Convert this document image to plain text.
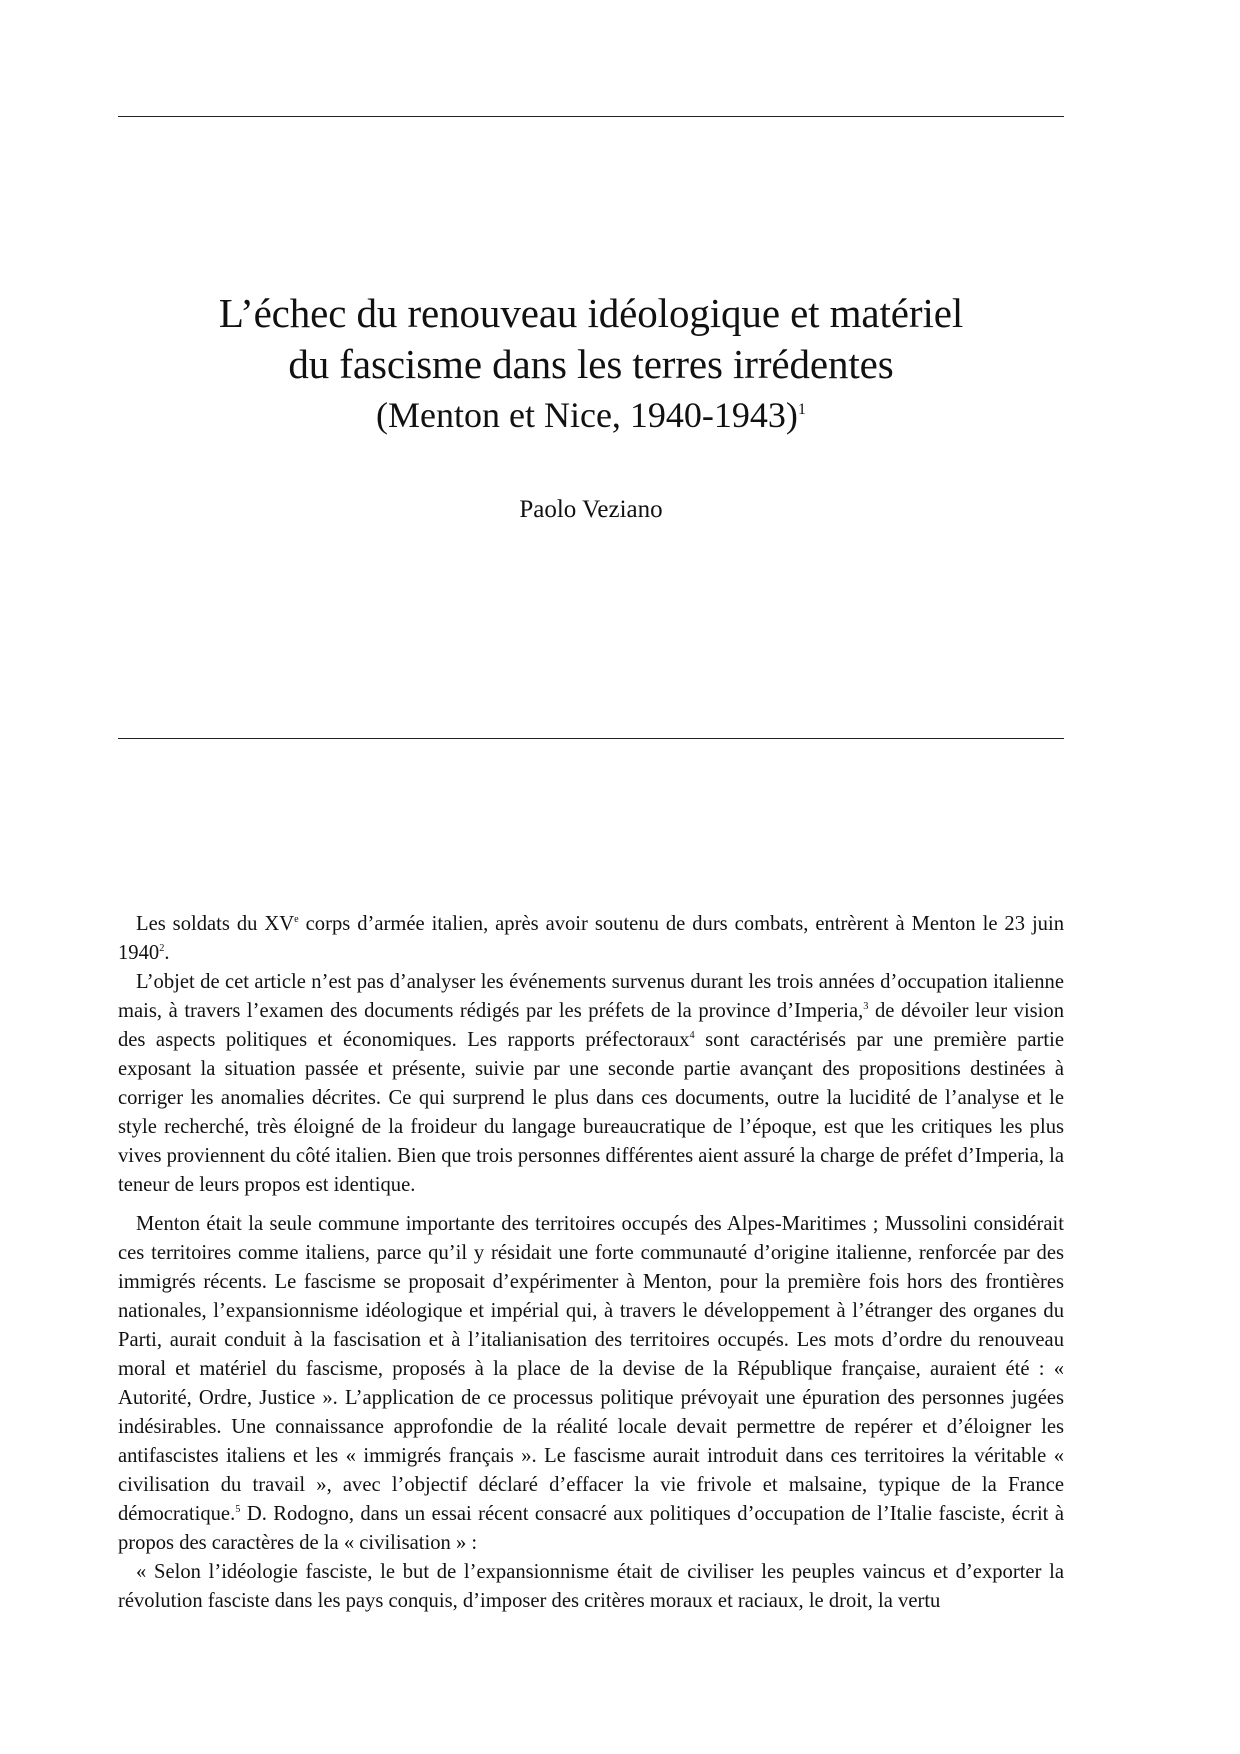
L’échec du renouveau idéologique et matériel
du fascisme dans les terres irrédentes
(Menton et Nice, 1940-1943)$^1$
Paolo Veziano

Les soldats du XVe corps d’armée italien, après avoir soutenu de durs combats, entrèrent à Menton le 23 juin 1940$^2$.

L’objet de cet article n’est pas d’analyser les événements survenus durant les trois années d’occupation italienne mais, à travers l’examen des documents rédigés par les préfets de la province d’Imperia,$^3$ de dévoiler leur vision des aspects politiques et économiques. Les rapports préfectoraux$^4$ sont caractérisés par une première partie exposant la situation passée et présente, suivie par une seconde partie avançant des propositions destinées à corriger les anomalies décrites. Ce qui surprend le plus dans ces documents, outre la lucidité de l’analyse et le style recherché, très éloigné de la froideur du langage bureaucratique de l’époque, est que les critiques les plus vives proviennent du côté italien. Bien que trois personnes différentes aient assuré la charge de préfet d’Imperia, la teneur de leurs propos est identique.

Menton était la seule commune importante des territoires occupés des Alpes-Maritimes ; Mussolini considérait ces territoires comme italiens, parce qu’il y résidait une forte communauté d’origine italienne, renforcée par des immigrés récents. Le fascisme se proposait d’expérimenter à Menton, pour la première fois hors des frontières nationales, l’expansionnisme idéologique et impérial qui, à travers le développement à l’étranger des organes du Parti, aurait conduit à la fascisation et à l’italianisation des territoires occupés. Les mots d’ordre du renouveau moral et matériel du fascisme, proposés à la place de la devise de la République française, auraient été : « Autorité, Ordre, Justice ». L’application de ce processus politique prévoyait une épuration des personnes jugées indésirables. Une connaissance approfondie de la réalité locale devait permettre de repérer et d’éloigner les antifascistes italiens et les « immigrés français ». Le fascisme aurait introduit dans ces territoires la véritable « civilisation du travail », avec l’objectif déclaré d’effacer la vie frivole et malsaine, typique de la France démocratique.$^5$ D. Rodogno, dans un essai récent consacré aux politiques d’occupation de l’Italie fasciste, écrit à propos des caractères de la « civilisation » :

« Selon l’idéologie fasciste, le but de l’expansionnisme était de civiliser les peuples vaincus et d’exporter la révolution fasciste dans les pays conquis, d’imposer des critères moraux et raciaux, le droit, la vertu
